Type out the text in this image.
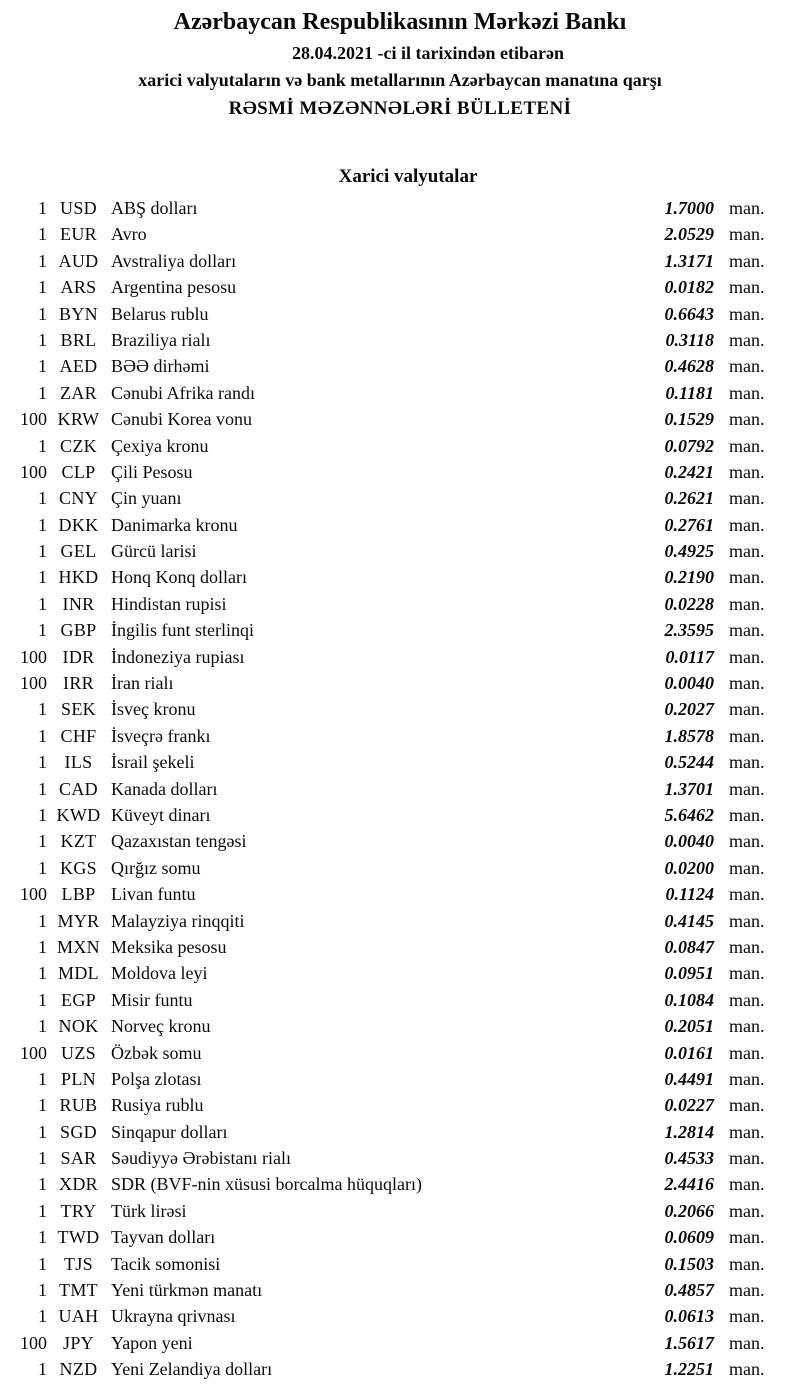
Azərbaycan Respublikasının Mərkəzi Bankı
28.04.2021 -ci il tarixindən etibarən
xarici valyutaların və bank metallarının Azərbaycan manatına qarşı
RƏSMİ MƏZƏNNƏLƏRİ BÜLLETENİ
Xarici valyutalar
1 USD ABŞ dolları	1.7000 man.
1 EUR Avro	2.0529 man.
1 AUD Avstraliya dolları	1.3171 man.
1 ARS Argentina pesosu	0.0182 man.
1 BYN Belarus rublu	0.6643 man.
1 BRL Braziliya rialı	0.3118 man.
1 AED BƏƏ dirhəmi	0.4628 man.
1 ZAR Cənubi Afrika randı	0.1181 man.
100 KRW Cənubi Korea vonu	0.1529 man.
1 CZK Çexiya kronu	0.0792 man.
100 CLP Çili Pesosu	0.2421 man.
1 CNY Çin yuanı	0.2621 man.
1 DKK Danimarka kronu	0.2761 man.
1 GEL Gürcü larisi	0.4925 man.
1 HKD Honq Konq dolları	0.2190 man.
1 INR Hindistan rupisi	0.0228 man.
1 GBP İngilis funt sterlinqi	2.3595 man.
100 IDR İndoneziya rupiası	0.0117 man.
100 IRR İran rialı	0.0040 man.
1 SEK İsveç kronu	0.2027 man.
1 CHF İsveçrə frankı	1.8578 man.
1 ILS	İsrail şekeli	0.5244 man.
1 CAD Kanada dolları	1.3701 man.
1 KWD Küveyt dinarı	5.6462 man.
1 KZT Qazaxıstan tengəsi	0.0040 man.
1 KGS Qırğız somu	0.0200 man.
100 LBP Livan funtu	0.1124 man.
1 MYR Malayziya rinqqiti	0.4145 man.
1 MXN Meksika pesosu	0.0847 man.
1 MDL Moldova leyi	0.0951 man.
1 EGP Misir funtu	0.1084 man.
1 NOK Norveç kronu	0.2051 man.
100 UZS Özbək somu	0.0161 man.
1 PLN Polşa zlotası	0.4491 man.
1 RUB Rusiya rublu	0.0227 man.
1 SGD Sinqapur dolları	1.2814 man.
1 SAR Səudiyyə Ərəbistanı rialı	0.4533 man.
1 XDR SDR (BVF-nin xüsusi borcalma hüquqları)	2.4416 man.
1 TRY Türk lirəsi	0.2066 man.
1 TWD Tayvan dolları	0.0609 man.
1 TJS	Tacik somonisi	0.1503 man.
1 TMT Yeni türkmən manatı	0.4857 man.
1 UAH Ukrayna qrivnası	0.0613 man.
100 JPY Yapon yeni	1.5617 man.
1 NZD Yeni Zelandiya dolları	1.2251 man.
